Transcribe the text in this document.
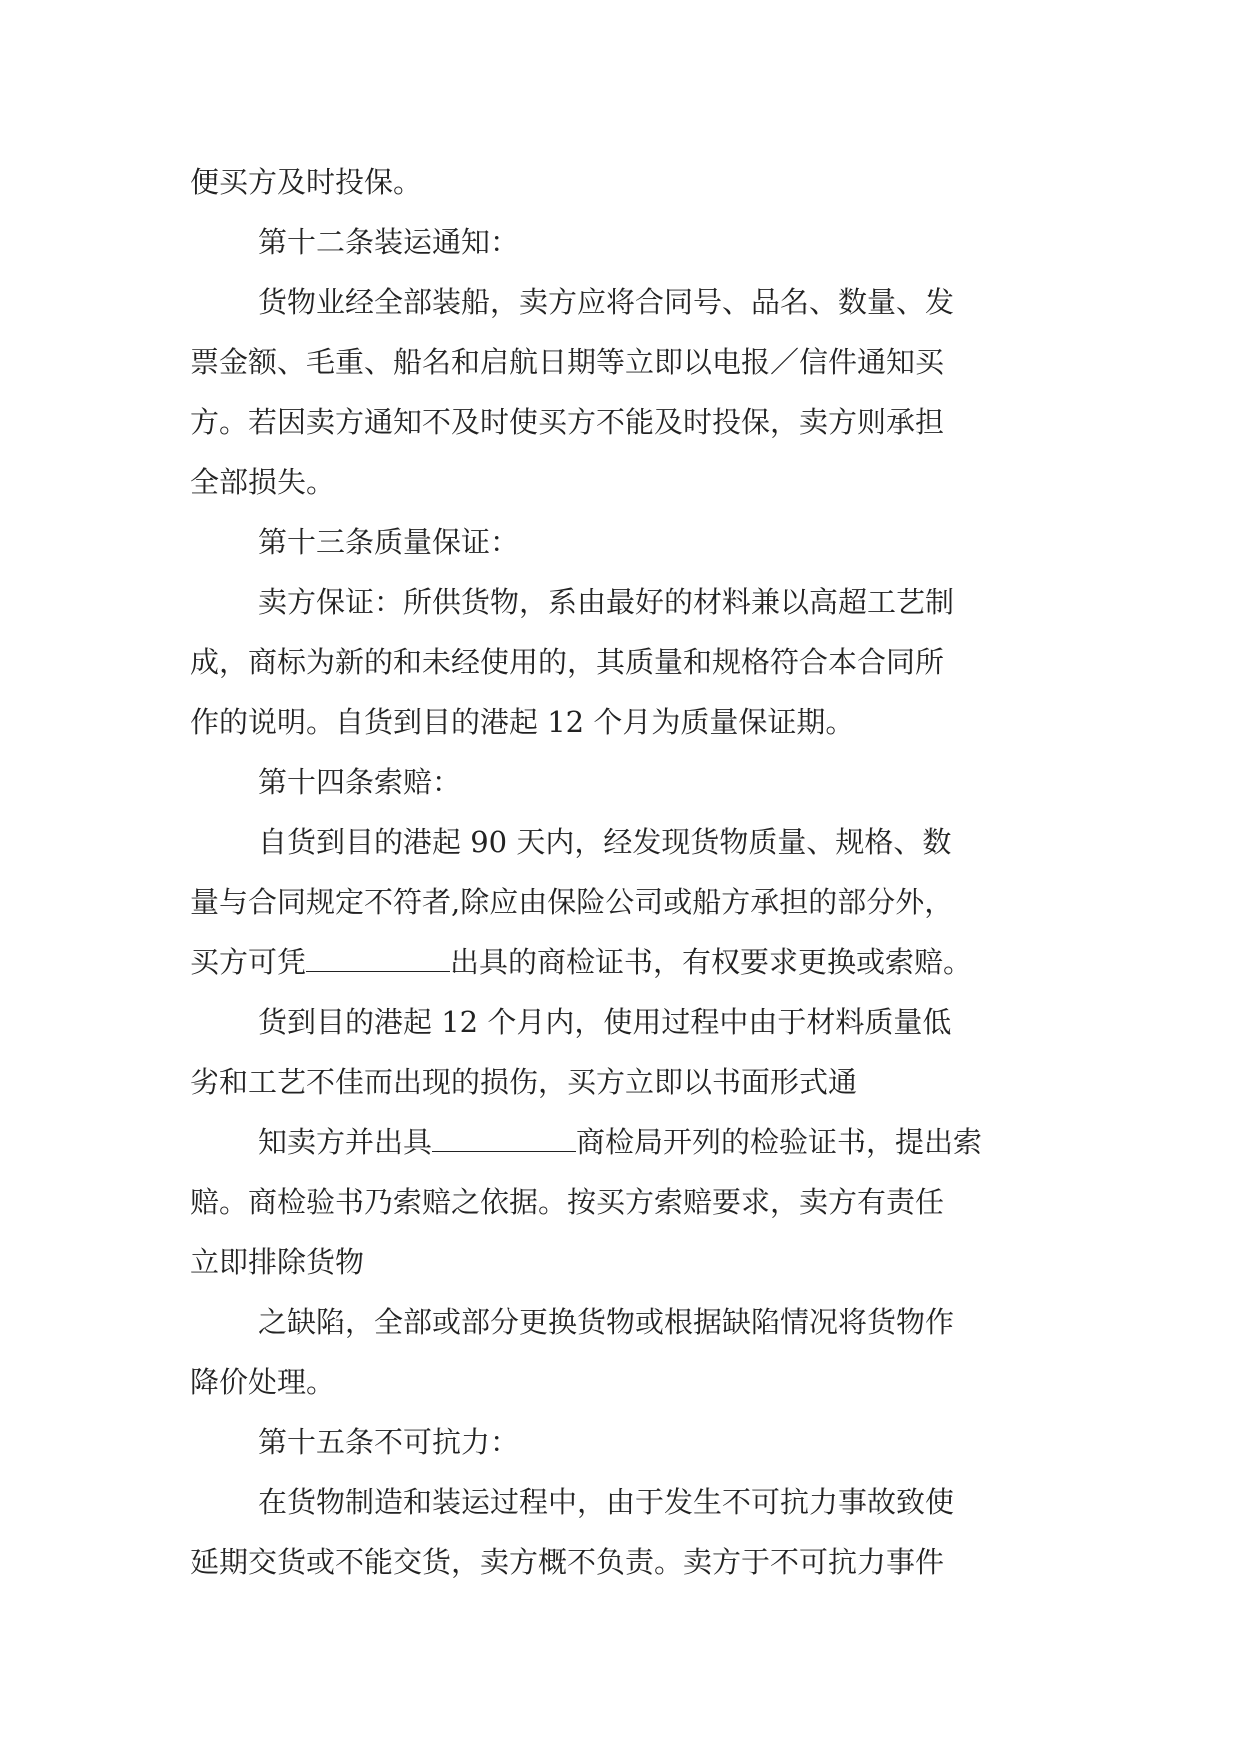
便买方及时投保。
第十二条装运通知：
货物业经全部装船，卖方应将合同号、品名、数量、发
票金额、毛重、船名和启航日期等立即以电报／信件通知买
方。若因卖方通知不及时使买方不能及时投保，卖方则承担
全部损失。
第十三条质量保证：
卖方保证：所供货物，系由最好的材料兼以高超工艺制
成，商标为新的和未经使用的，其质量和规格符合本合同所
作的说明。自货到目的港起 12 个月为质量保证期。
第十四条索赔：
自货到目的港起 90 天内，经发现货物质量、规格、数
量与合同规定不符者,除应由保险公司或船方承担的部分外，
买方可凭	出具的商检证书，有权要求更换或索赔。
货到目的港起 12 个月内，使用过程中由于材料质量低
劣和工艺不佳而出现的损伤，买方立即以书面形式通
知卖方并出具	商检局开列的检验证书，提出索
赔。商检验书乃索赔之依据。按买方索赔要求，卖方有责任
立即排除货物
之缺陷，全部或部分更换货物或根据缺陷情况将货物作
降价处理。
第十五条不可抗力：
在货物制造和装运过程中，由于发生不可抗力事故致使
延期交货或不能交货，卖方概不负责。卖方于不可抗力事件
